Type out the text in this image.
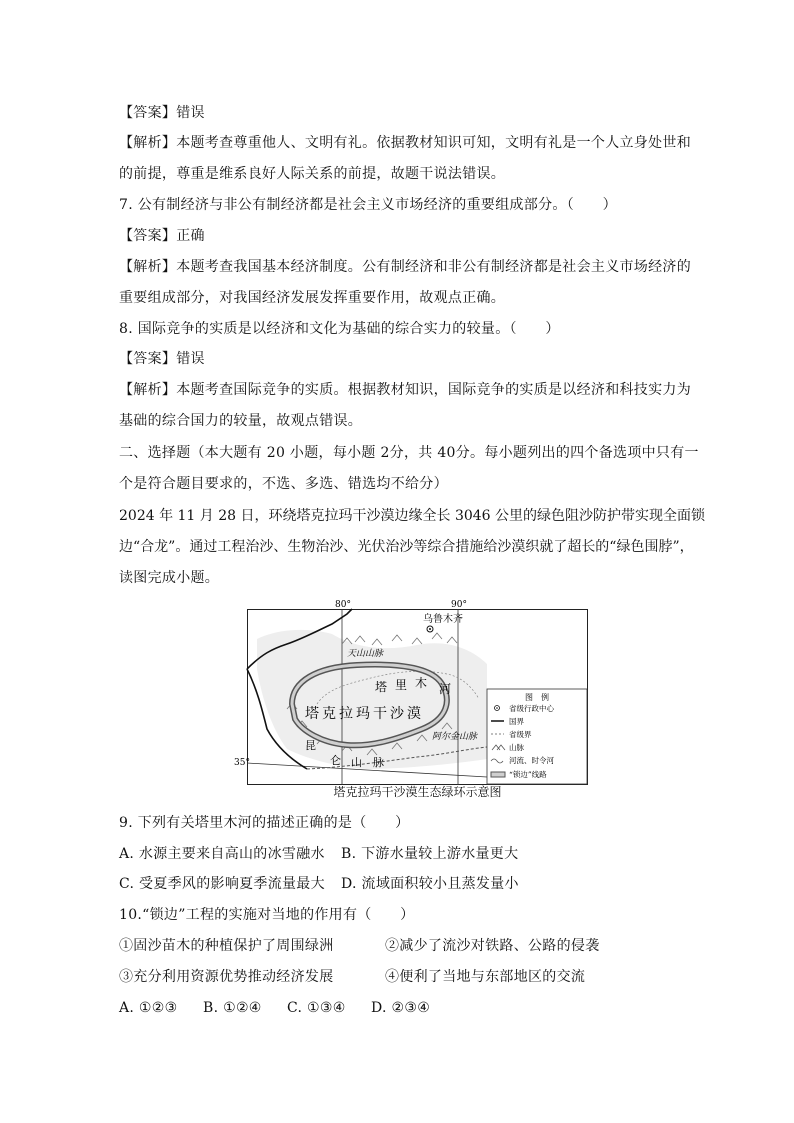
【答案】错误
【解析】本题考查尊重他人、文明有礼。依据教材知识可知，文明有礼是一个人立身处世和
的前提，尊重是维系良好人际关系的前提，故题干说法错误。
7. 公有制经济与非公有制经济都是社会主义市场经济的重要组成部分。（　　）
【答案】正确
【解析】本题考查我国基本经济制度。公有制经济和非公有制经济都是社会主义市场经济的
重要组成部分，对我国经济发展发挥重要作用，故观点正确。
8. 国际竞争的实质是以经济和文化为基础的综合实力的较量。（　　）
【答案】错误
【解析】本题考查国际竞争的实质。根据教材知识，国际竞争的实质是以经济和科技实力为
基础的综合国力的较量，故观点错误。
二、选择题（本大题有 20 小题，每小题 2分，共 40分。每小题列出的四个备选项中只有一
个是符合题目要求的，不选、多选、错选均不给分）
2024 年 11 月 28 日，环绕塔克拉玛干沙漠边缘全长 3046 公里的绿色阻沙防护带实现全面锁
边“合龙”。通过工程治沙、生物治沙、光伏治沙等综合措施给沙漠织就了超长的“绿色围脖”，
读图完成小题。
80°	90°
乌鲁木齐
天山山脉
塔 里 木 河
塔克拉玛干沙漠
阿尔金山脉
昆
仑 山 脉
图　例
省级行政中心
国界
省级界
山脉
河流、时令河
“锁边”线路
35°
塔克拉玛干沙漠生态绿环示意图
9. 下列有关塔里木河的描述正确的是（　　）
A. 水源主要来自高山的冰雪融水 B. 下游水量较上游水量更大
C. 受夏季风的影响夏季流量最大 D. 流域面积较小且蒸发量小
10.“锁边”工程的实施对当地的作用有（　　）
①固沙苗木的种植保护了周围绿洲	②减少了流沙对铁路、公路的侵袭
③充分利用资源优势推动经济发展	④便利了当地与东部地区的交流
A. ①②③ B. ①②④ C. ①③④ D. ②③④
